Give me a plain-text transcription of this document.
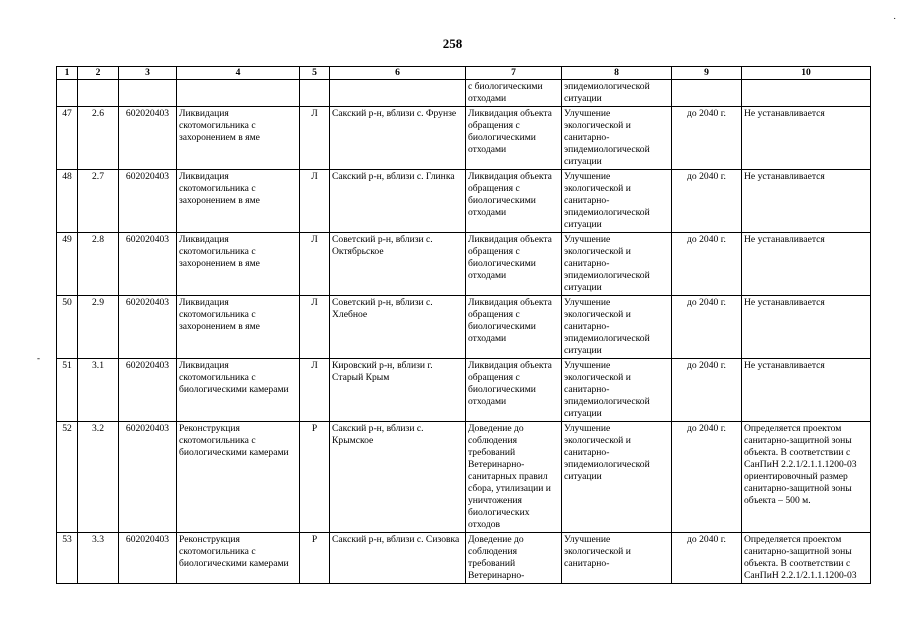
258
˙
-
1	2	3	4	5	6	7	8	9	10
						с биологическими отходами	эпидемиологической ситуации		
47	2.6	602020403	Ликвидация скотомогильника с захоронением в яме	Л	Сакский р-н, вблизи с. Фрунзе	Ликвидация объекта обращения с биологическими отходами	Улучшение экологической и санитарно-эпидемиологической ситуации	до 2040 г.	Не устанавливается
48	2.7	602020403	Ликвидация скотомогильника с захоронением в яме	Л	Сакский р-н, вблизи с. Глинка	Ликвидация объекта обращения с биологическими отходами	Улучшение экологической и санитарно-эпидемиологической ситуации	до 2040 г.	Не устанавливается
49	2.8	602020403	Ликвидация скотомогильника с захоронением в яме	Л	Советский р-н, вблизи с. Октябрьское	Ликвидация объекта обращения с биологическими отходами	Улучшение экологической и санитарно-эпидемиологической ситуации	до 2040 г.	Не устанавливается
50	2.9	602020403	Ликвидация скотомогильника с захоронением в яме	Л	Советский р-н, вблизи с. Хлебное	Ликвидация объекта обращения с биологическими отходами	Улучшение экологической и санитарно-эпидемиологической ситуации	до 2040 г.	Не устанавливается
51	3.1	602020403	Ликвидация скотомогильника с биологическими камерами	Л	Кировский р-н, вблизи г. Старый Крым	Ликвидация объекта обращения с биологическими отходами	Улучшение экологической и санитарно-эпидемиологической ситуации	до 2040 г.	Не устанавливается
52	3.2	602020403	Реконструкция скотомогильника с биологическими камерами	Р	Сакский р-н, вблизи с. Крымское	Доведение до соблюдения требований Ветеринарно-санитарных правил сбора, утилизации и уничтожения биологических отходов	Улучшение экологической и санитарно-эпидемиологической ситуации	до 2040 г.	Определяется проектом санитарно-защитной зоны объекта. В соответствии с СанПиН 2.2.1/2.1.1.1200-03 ориентировочный размер санитарно-защитной зоны объекта – 500 м.
53	3.3	602020403	Реконструкция скотомогильника с биологическими камерами	Р	Сакский р-н, вблизи с. Сизовка	Доведение до соблюдения требований Ветеринарно-	Улучшение экологической и санитарно-	до 2040 г.	Определяется проектом санитарно-защитной зоны объекта. В соответствии с СанПиН 2.2.1/2.1.1.1200-03
